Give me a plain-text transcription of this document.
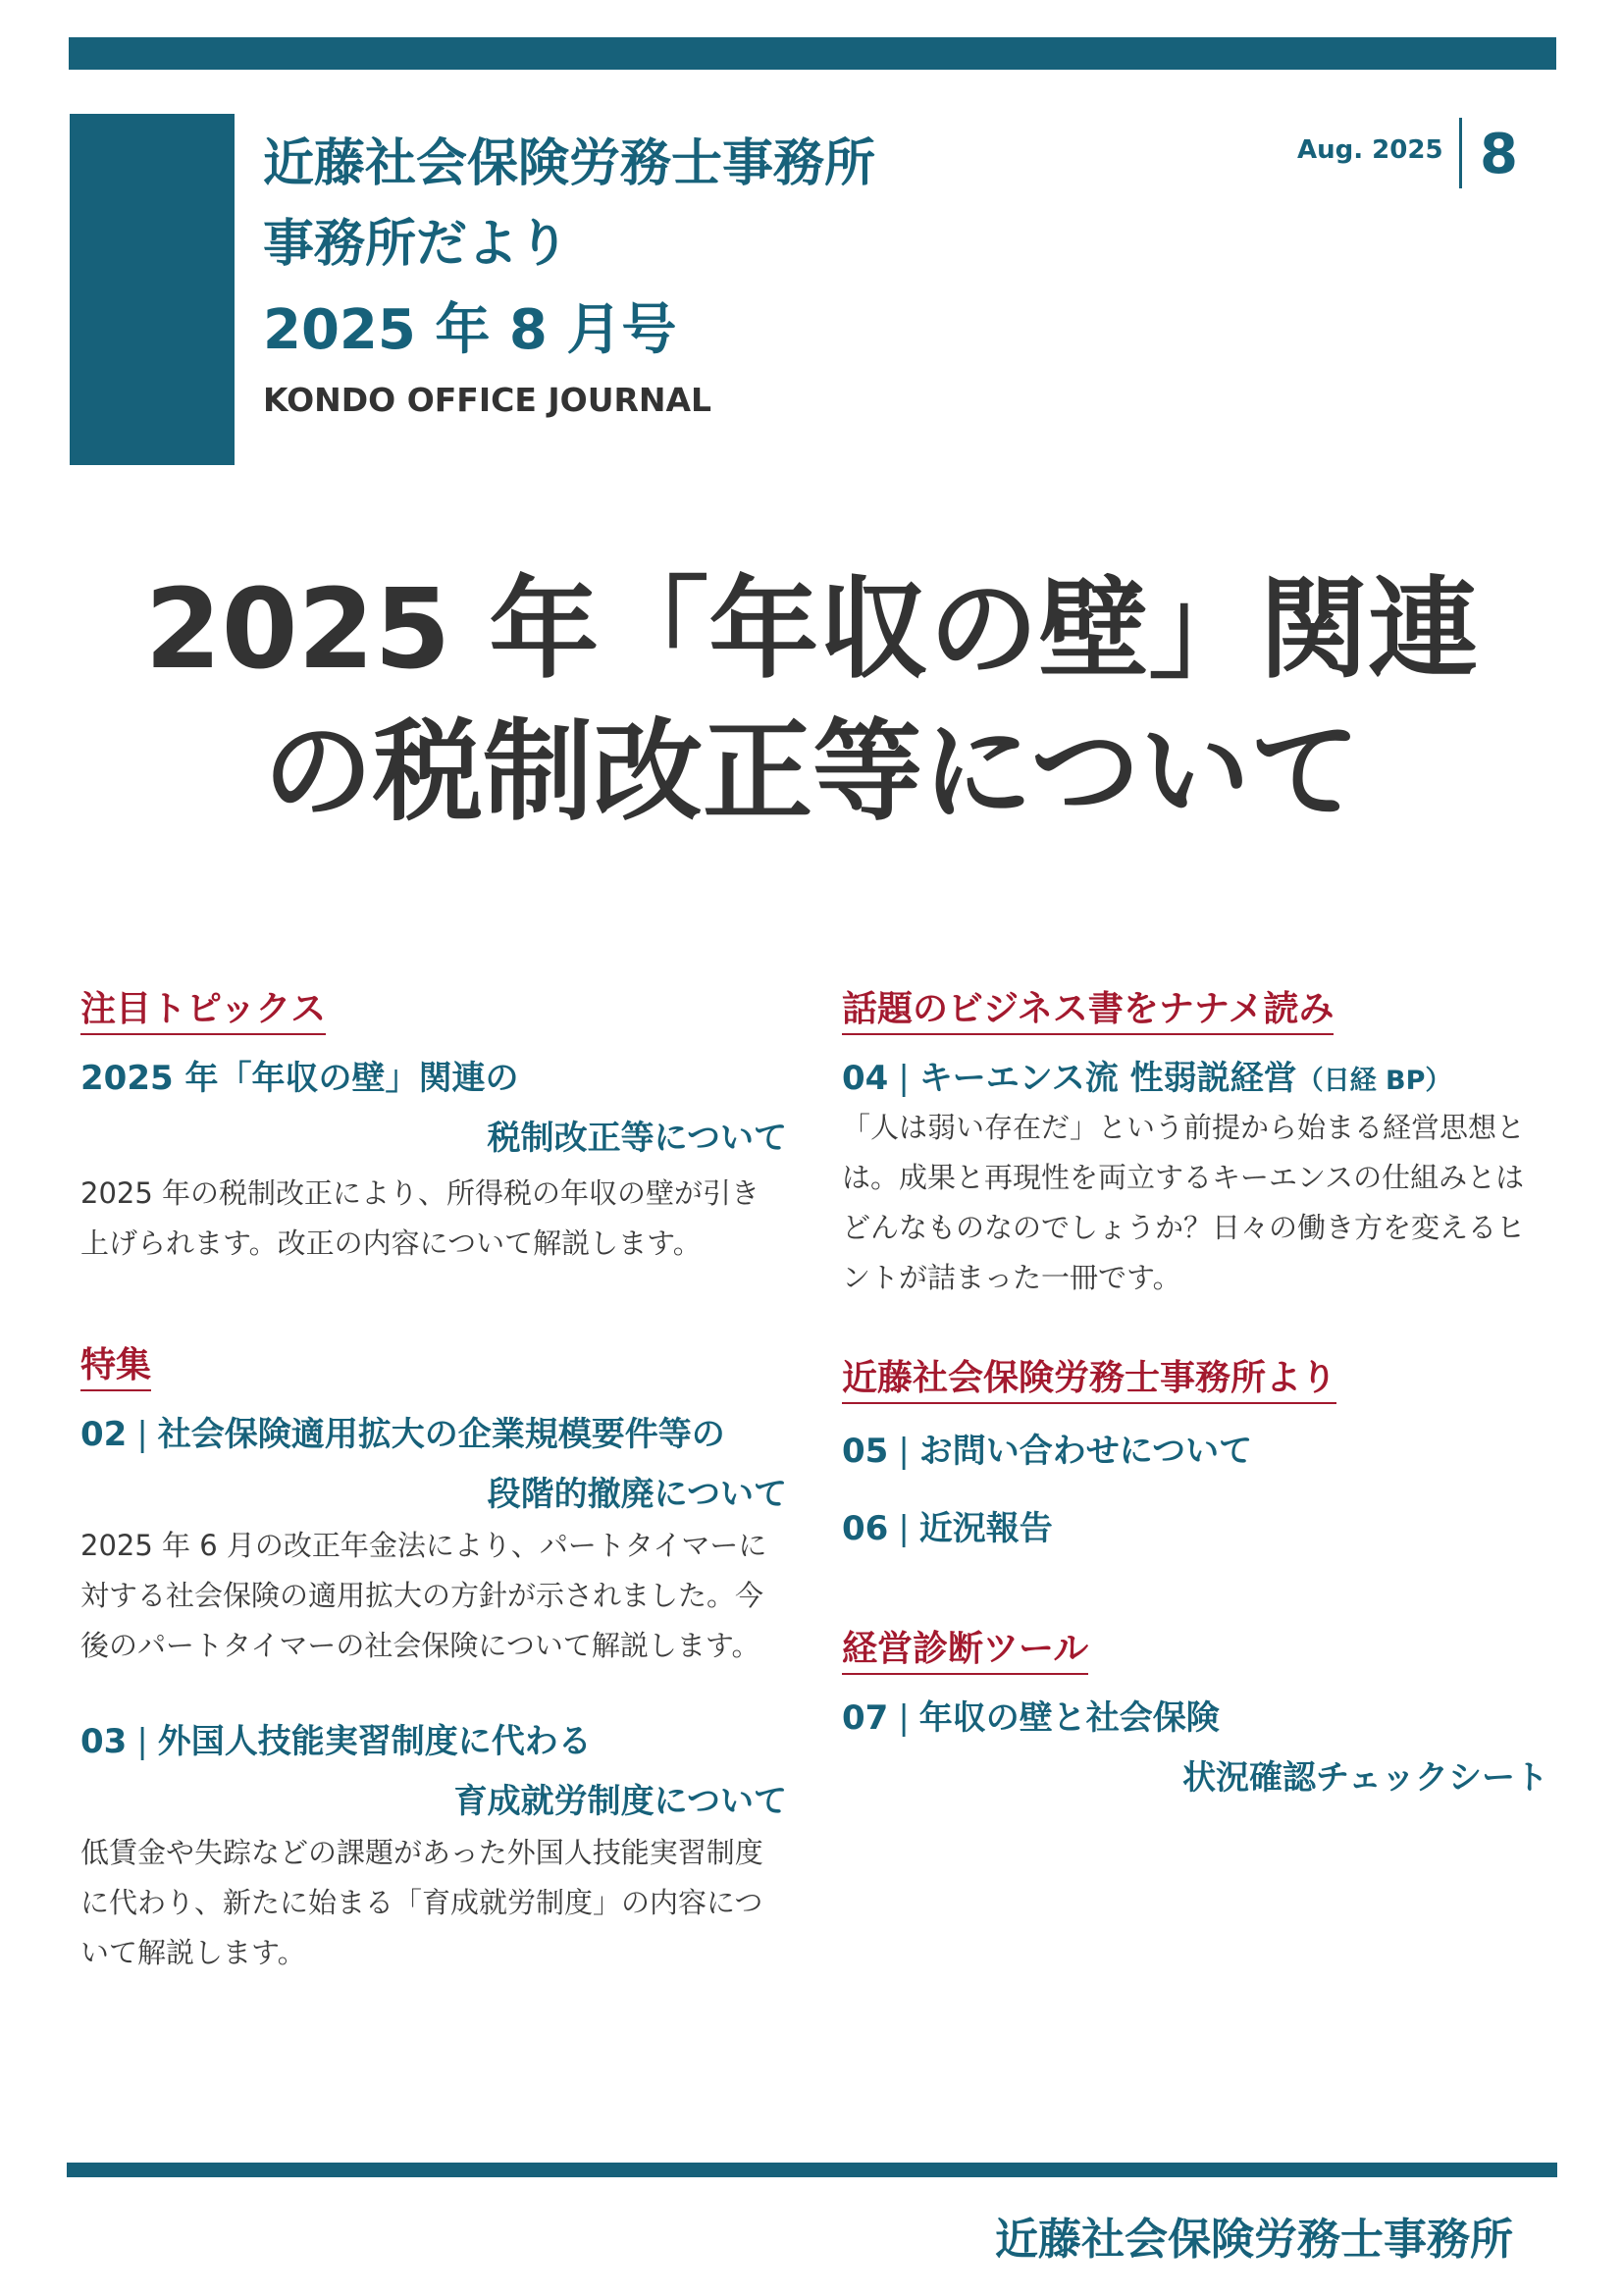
近藤社会保険労務士事務所
事務所だより
2025 年 8 月号
KONDO OFFICE JOURNAL
Aug. 2025 8
2025 年「年収の壁」関連
の税制改正等について
注目トピックス
2025 年「年収の壁」関連の
税制改正等について
2025 年の税制改正により、所得税の年収の壁が引き上げられます。改正の内容について解説します。
特集
02 | 社会保険適用拡大の企業規模要件等の
段階的撤廃について
2025 年 6 月の改正年金法により、パートタイマーに対する社会保険の適用拡大の方針が示されました。今後のパートタイマーの社会保険について解説します。
03 | 外国人技能実習制度に代わる
育成就労制度について
低賃金や失踪などの課題があった外国人技能実習制度に代わり、新たに始まる「育成就労制度」の内容について解説します。
話題のビジネス書をナナメ読み
04 | キーエンス流 性弱説経営（日経 BP）
「人は弱い存在だ」という前提から始まる経営思想とは。成果と再現性を両立するキーエンスの仕組みとはどんなものなのでしょうか？日々の働き方を変えるヒントが詰まった一冊です。
近藤社会保険労務士事務所より
05 | お問い合わせについて
06 | 近況報告
経営診断ツール
07 | 年収の壁と社会保険
状況確認チェックシート
近藤社会保険労務士事務所
